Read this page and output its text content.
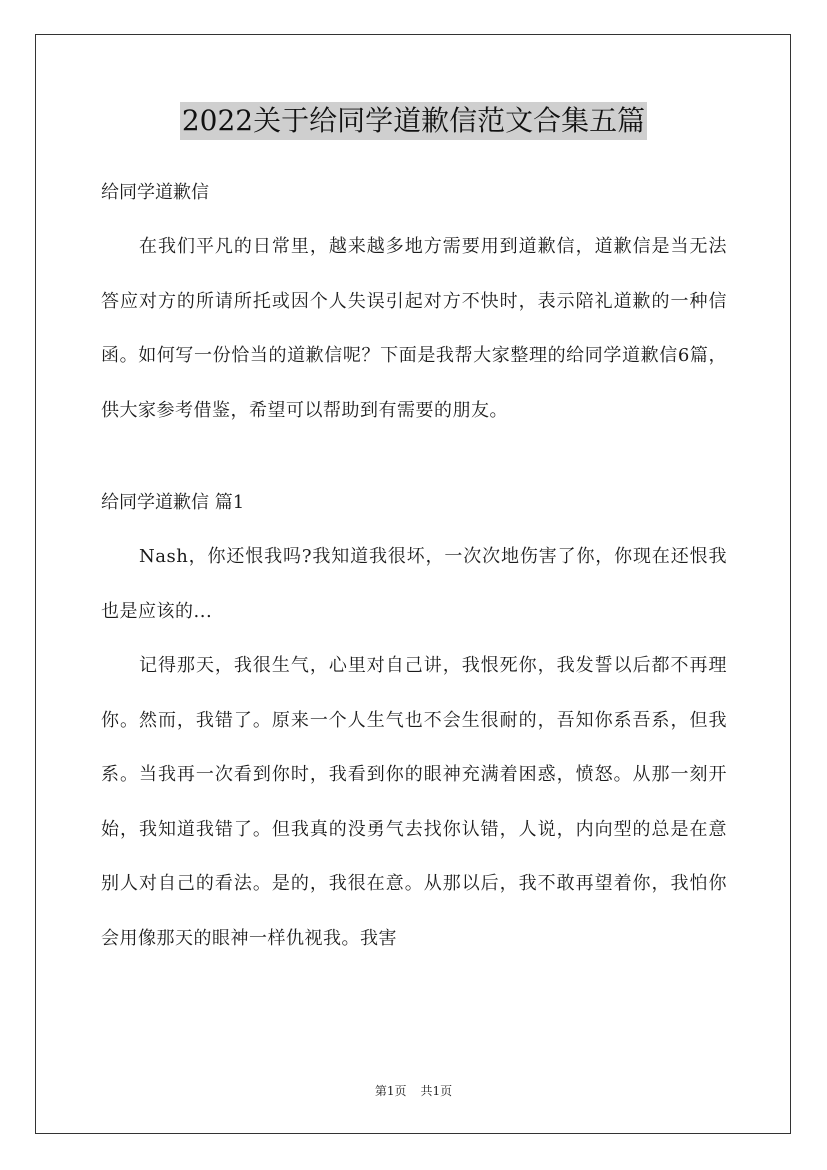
2022关于给同学道歉信范文合集五篇

给同学道歉信

在我们平凡的日常里，越来越多地方需要用到道歉信，道歉信是当无法答应对方的所请所托或因个人失误引起对方不快时，表示陪礼道歉的一种信函。如何写一份恰当的道歉信呢？下面是我帮大家整理的给同学道歉信6篇，供大家参考借鉴，希望可以帮助到有需要的朋友。

给同学道歉信 篇1

Nash，你还恨我吗?我知道我很坏，一次次地伤害了你，你现在还恨我也是应该的...

记得那天，我很生气，心里对自己讲，我恨死你，我发誓以后都不再理你。然而，我错了。原来一个人生气也不会生很耐的，吾知你系吾系，但我系。当我再一次看到你时，我看到你的眼神充满着困惑，愤怒。从那一刻开始，我知道我错了。但我真的没勇气去找你认错，人说，内向型的总是在意别人对自己的看法。是的，我很在意。从那以后，我不敢再望着你，我怕你会用像那天的眼神一样仇视我。我害

第1页 共1页
